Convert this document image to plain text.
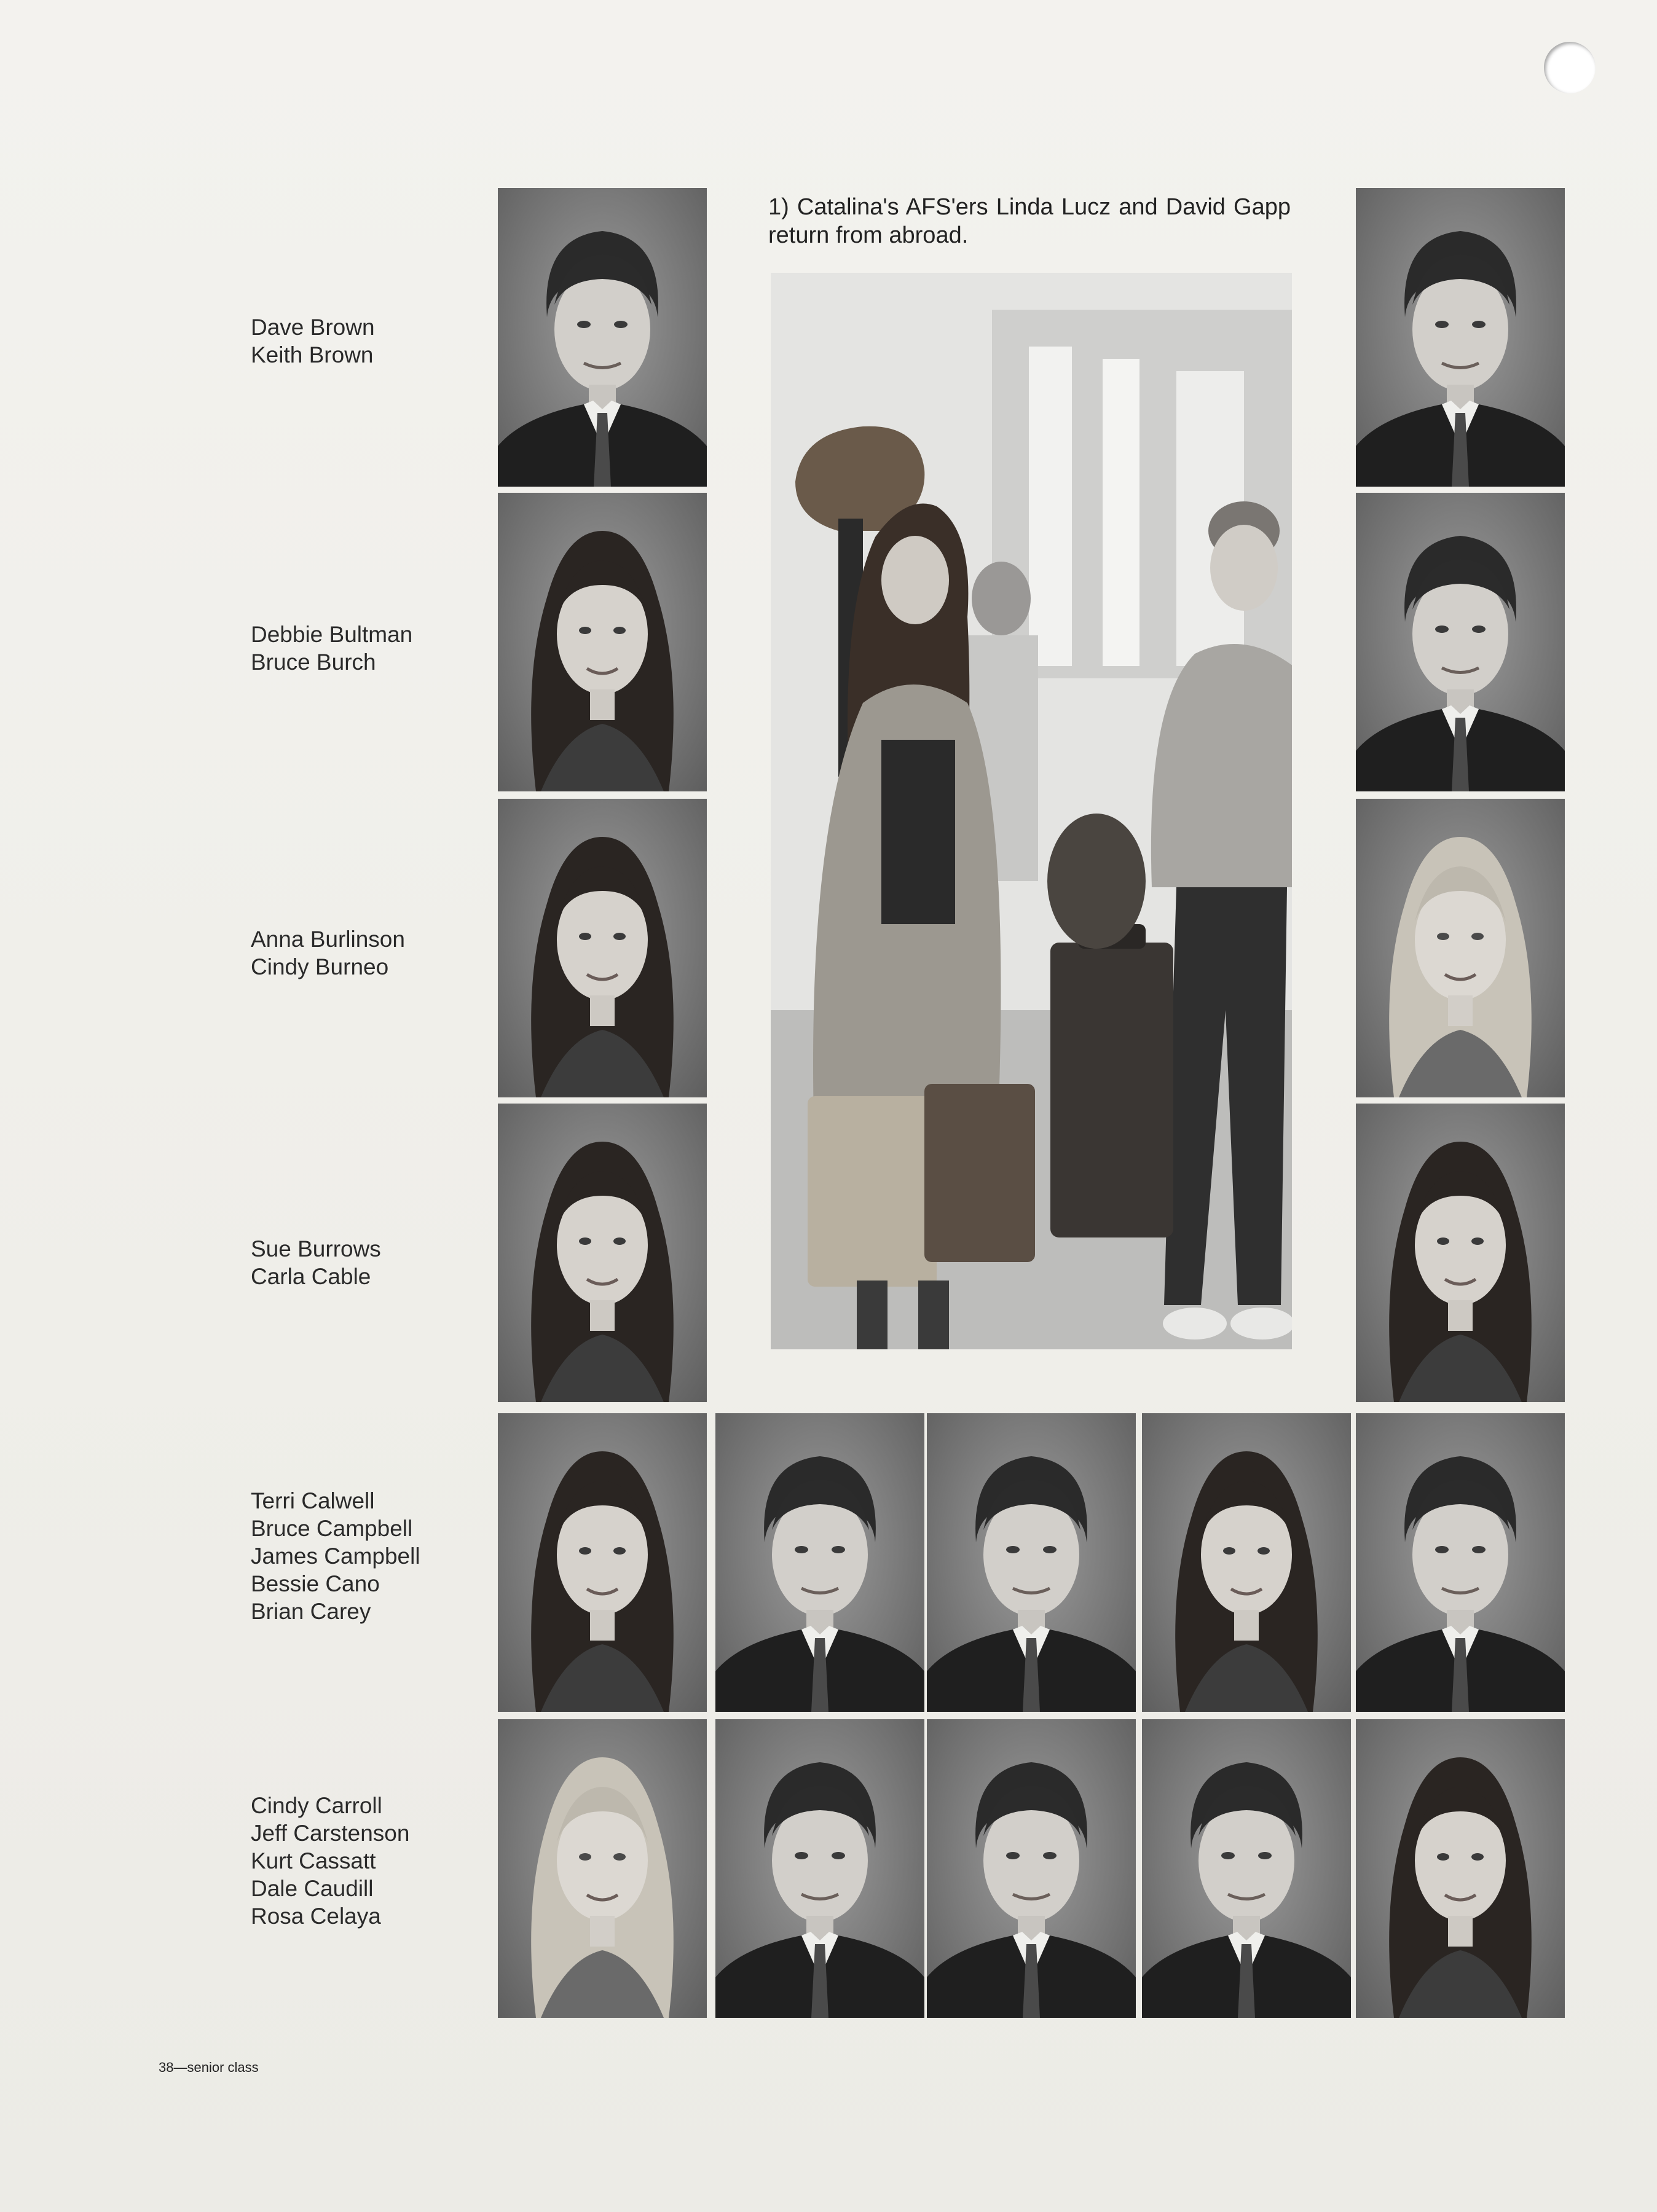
Dave Brown
Keith Brown
Debbie Bultman
Bruce Burch
Anna Burlinson
Cindy Burneo
Sue Burrows
Carla Cable
Terri Calwell
Bruce Campbell
James Campbell
Bessie Cano
Brian Carey
Cindy Carroll
Jeff Carstenson
Kurt Cassatt
Dale Caudill
Rosa Celaya
1) Catalina's AFS'ers Linda Lucz and David Gapp return from abroad.
38—senior class
